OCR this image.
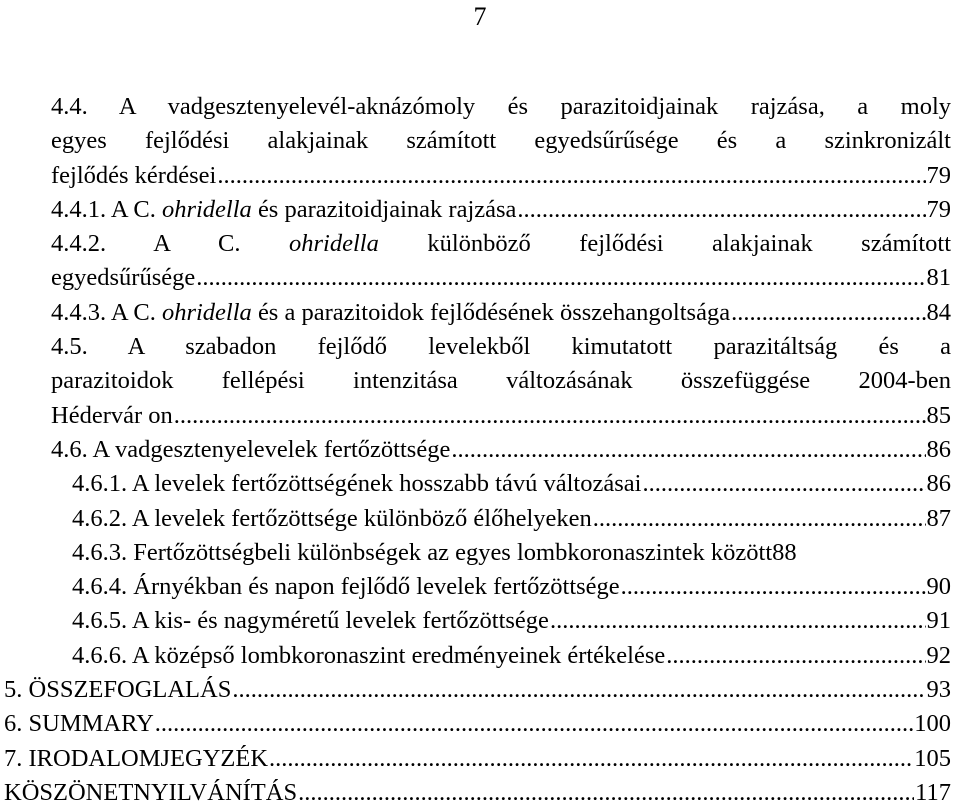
7
4.4. A vadgesztenyelevél-aknázómoly és parazitoidjainak rajzása, a moly
egyes fejlődési alakjainak számított egyedsűrűsége és a szinkronizált
fejlődés kérdései .....	79
4.4.1. A C. ohridella és parazitoidjainak rajzása .....	79
4.4.2. A C. ohridella különböző fejlődési alakjainak számított
egyedsűrűsége .....	81
4.4.3. A C. ohridella és a parazitoidok fejlődésének összehangoltsága .....	84
4.5. A szabadon fejlődő levelekből kimutatott parazitáltság és a
parazitoidok fellépési intenzitása változásának összefüggése 2004-ben
Hédervár on .....	85
4.6. A vadgesztenyelevelek fertőzöttsége .....	86
4.6.1. A levelek fertőzöttségének hosszabb távú változásai .....	86
4.6.2. A levelek fertőzöttsége különböző élőhelyeken .....	87
4.6.3. Fertőzöttségbeli különbségek az egyes lombkoronaszintek között 88
4.6.4. Árnyékban és napon fejlődő levelek fertőzöttsége .....	90
4.6.5. A kis- és nagyméretű levelek fertőzöttsége .....	91
4.6.6. A középső lombkoronaszint eredményeinek értékelése .....	92
5. ÖSSZEFOGLALÁS .....	93
6. SUMMARY .....	100
7. IRODALOMJEGYZÉK .....	105
KÖSZÖNETNYILVÁNÍTÁS .....	117
